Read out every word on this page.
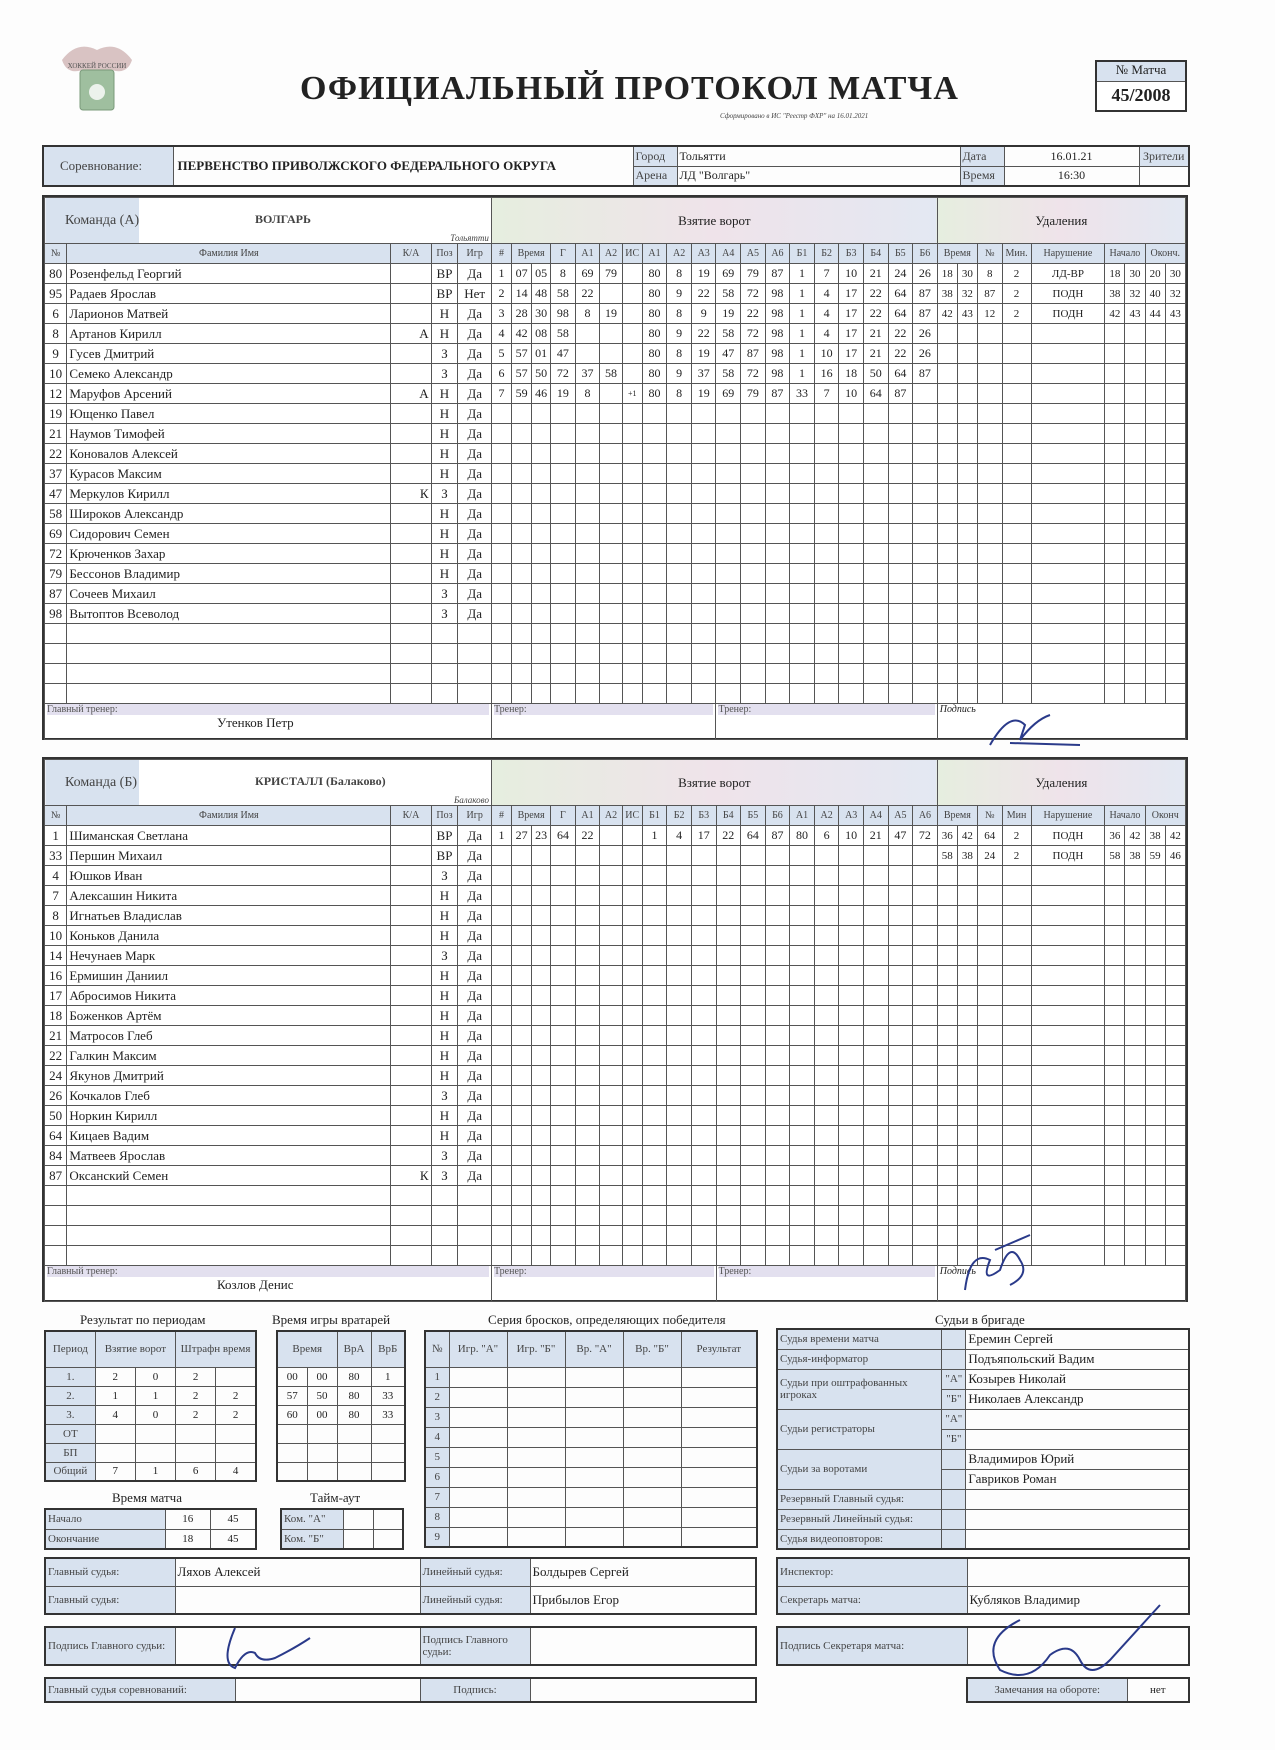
ХОККЕЙ РОССИИ
ОФИЦИАЛЬНЫЙ ПРОТОКОЛ МАТЧА
Сформировано в ИС "Реестр ФХР" на 16.01.2021
№ Матча
45/2008
Соревнование:	ПЕРВЕНСТВО ПРИВОЛЖСКОГО ФЕДЕРАЛЬНОГО ОКРУГА	Город	Тольятти	Дата	16.01.21	Зрители
		Арена	ЛД "Волгарь"	Время	16:30	
Команда (А) ВОЛГАРЬ
Тольятти					Взятие ворот																			Удаления								
№	Фамилия Имя	К/А	Поз	Игр	#	Время		Г	А1	А2	ИС	А1	А2	А3	А4	А5	А6	Б1	Б2	Б3	Б4	Б5	Б6	Время		№	Мин.	Нарушение	Начало		Оконч.	
80	Розенфельд Георгий		ВР	Да	1	07	05	8	69	79		80	8	19	69	79	87	1	7	10	21	24	26	18	30	8	2	ЛД-ВР	18	30	20	30
95	Радаев Ярослав		ВР	Нет	2	14	48	58	22			80	9	22	58	72	98	1	4	17	22	64	87	38	32	87	2	ПОДН	38	32	40	32
6	Ларионов Матвей		Н	Да	3	28	30	98	8	19		80	8	9	19	22	98	1	4	17	22	64	87	42	43	12	2	ПОДН	42	43	44	43
8	Артанов Кирилл	А	Н	Да	4	42	08	58				80	9	22	58	72	98	1	4	17	21	22	26									
9	Гусев Дмитрий		З	Да	5	57	01	47				80	8	19	47	87	98	1	10	17	21	22	26									
10	Семеко Александр		З	Да	6	57	50	72	37	58		80	9	37	58	72	98	1	16	18	50	64	87									
12	Маруфов Арсений	А	Н	Да	7	59	46	19	8		+1	80	8	19	69	79	87	33	7	10	64	87										
19	Ющенко Павел		Н	Да																												
21	Наумов Тимофей		Н	Да																												
22	Коновалов Алексей		Н	Да																												
37	Курасов Максим		Н	Да																												
47	Меркулов Кирилл	К	З	Да																												
58	Широков Александр		Н	Да																												
69	Сидорович Семен		Н	Да																												
72	Крюченков Захар		Н	Да																												
79	Бессонов Владимир		Н	Да																												
87	Сочеев Михаил		З	Да																												
98	Вытоптов Всеволод		З	Да																												

Главный тренер:
Утенков Петр					Тренер:										Тренер:									Подпись								
Команда (Б) КРИСТАЛЛ (Балаково)
Балаково					Взятие ворот																			Удаления								
№	Фамилия Имя	К/А	Поз	Игр	#	Время		Г	А1	А2	ИС	Б1	Б2	Б3	Б4	Б5	Б6	А1	А2	А3	А4	А5	А6	Время		№	Мин	Нарушение	Начало		Оконч	
1	Шиманская Светлана		ВР	Да	1	27	23	64	22			1	4	17	22	64	87	80	6	10	21	47	72	36	42	64	2	ПОДН	36	42	38	42
33	Першин Михаил		ВР	Да																				58	38	24	2	ПОДН	58	38	59	46
4	Юшков Иван		З	Да																												
7	Алексашин Никита		Н	Да																												
8	Игнатьев Владислав		Н	Да																												
10	Коньков Данила		Н	Да																												
14	Нечунаев Марк		З	Да																												
16	Ермишин Даниил		Н	Да																												
17	Абросимов Никита		Н	Да																												
18	Боженков Артём		Н	Да																												
21	Матросов Глеб		Н	Да																												
22	Галкин Максим		Н	Да																												
24	Якунов Дмитрий		Н	Да																												
26	Кочкалов Глеб		З	Да																												
50	Норкин Кирилл		Н	Да																												
64	Кицаев Вадим		Н	Да																												
84	Матвеев Ярослав		З	Да																												
87	Оксанский Семен	К	З	Да																												

Главный тренер:
Козлов Денис					Тренер:										Тренер:									Подпись								
Результат по периодам
Период	Взятие ворот		Штрафн время	
1.	2	0	2	
2.	1	1	2	2
3.	4	0	2	2
ОТ				
БП				
Общий	7	1	6	4
Время матча
Начало	16	45
Окончание	18	45
Время игры вратарей
Время		ВрА	ВрБ
00	00	80	1
57	50	80	33
60	00	80	33

Тайм-аут
Ком. "А"		
Ком. "Б"		
Серия бросков, определяющих победителя
№	Игр. "А"	Игр. "Б"	Вр. "А"	Вр. "Б"	Результат
1					
2					
3					
4					
5					
6					
7					
8					
9					
Судьи в бригаде
Судья времени матча		Еремин Сергей
Судья-информатор		Подъяпольский Вадим
Судьи при оштрафованных игроках	"А"	Козырев Николай
	"Б"	Николаев Александр
Судьи регистраторы	"А"	
	"Б"	
Судьи за воротами		Владимиров Юрий
		Гавриков Роман
Резервный Главный судья:		
Резервный Линейный судья:		
Судья видеоповторов:		
Главный судья:	Ляхов Алексей	Линейный судья:	Болдырев Сергей
Главный судья:		Линейный судья:	Прибылов Егор
Подпись Главного судьи:		Подпись Главного судьи:	
Главный судья соревнований:		Подпись:	
Инспектор:	
Секретарь матча:	Кубляков Владимир
Подпись Секретаря матча:	
Замечания на обороте:	нет
